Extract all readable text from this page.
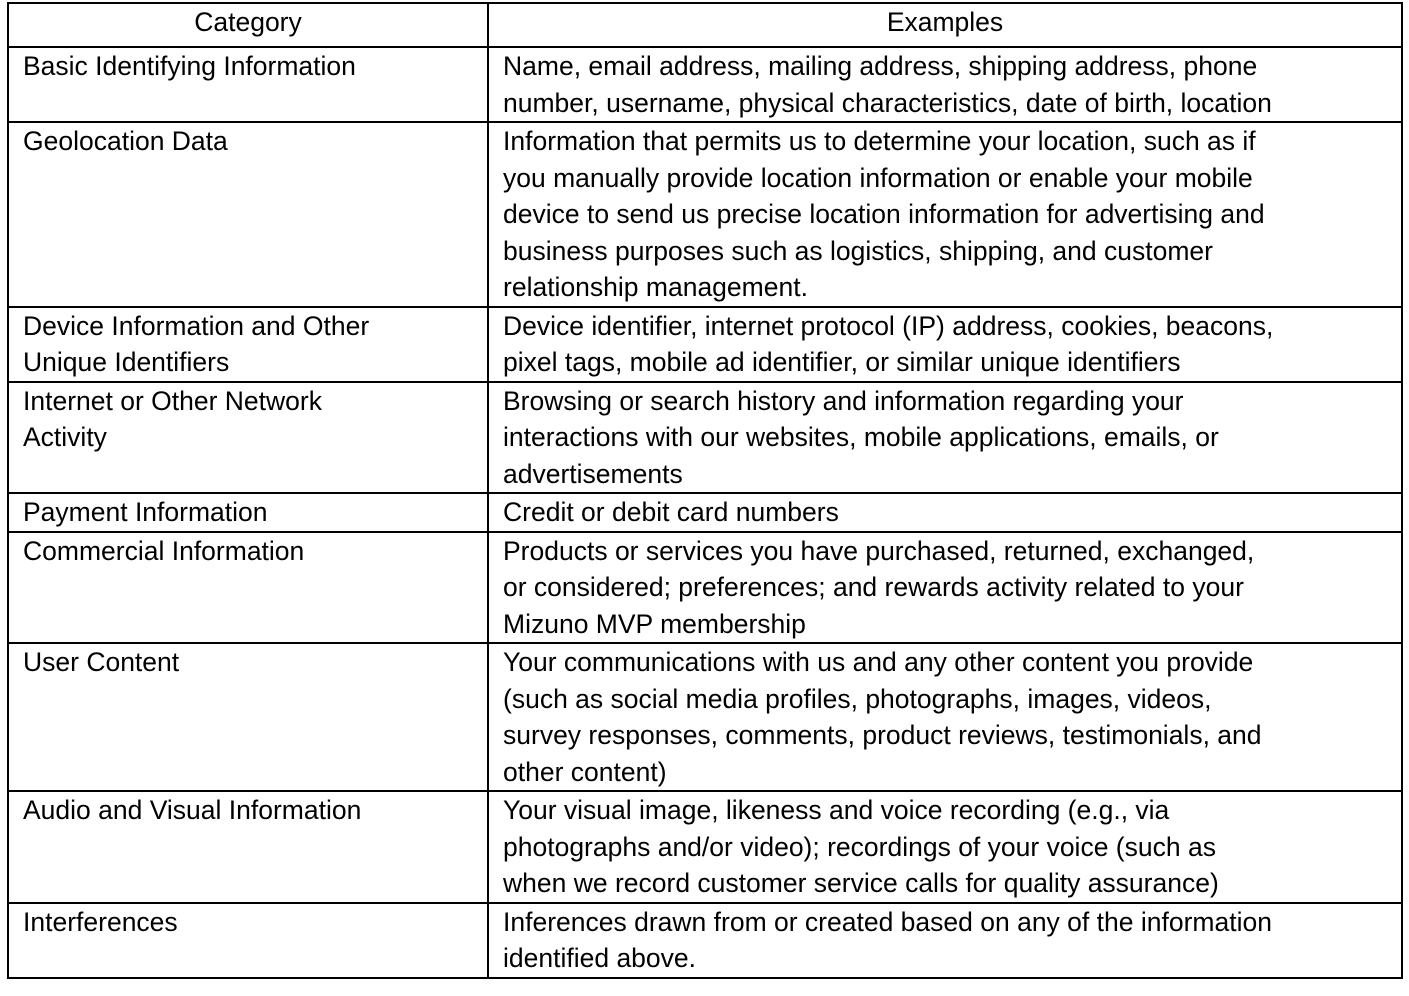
Category	Examples
Basic Identifying Information	Name, email address, mailing address, shipping address, phone
number, username, physical characteristics, date of birth, location
Geolocation Data	Information that permits us to determine your location, such as if
you manually provide location information or enable your mobile
device to send us precise location information for advertising and
business purposes such as logistics, shipping, and customer
relationship management.
Device Information and Other
Unique Identifiers	Device identifier, internet protocol (IP) address, cookies, beacons,
pixel tags, mobile ad identifier, or similar unique identifiers
Internet or Other Network
Activity	Browsing or search history and information regarding your
interactions with our websites, mobile applications, emails, or
advertisements
Payment Information	Credit or debit card numbers
Commercial Information	Products or services you have purchased, returned, exchanged,
or considered; preferences; and rewards activity related to your
Mizuno MVP membership
User Content	Your communications with us and any other content you provide
(such as social media profiles, photographs, images, videos,
survey responses, comments, product reviews, testimonials, and
other content)
Audio and Visual Information	Your visual image, likeness and voice recording (e.g., via
photographs and/or video); recordings of your voice (such as
when we record customer service calls for quality assurance)
Interferences	Inferences drawn from or created based on any of the information
identified above.
